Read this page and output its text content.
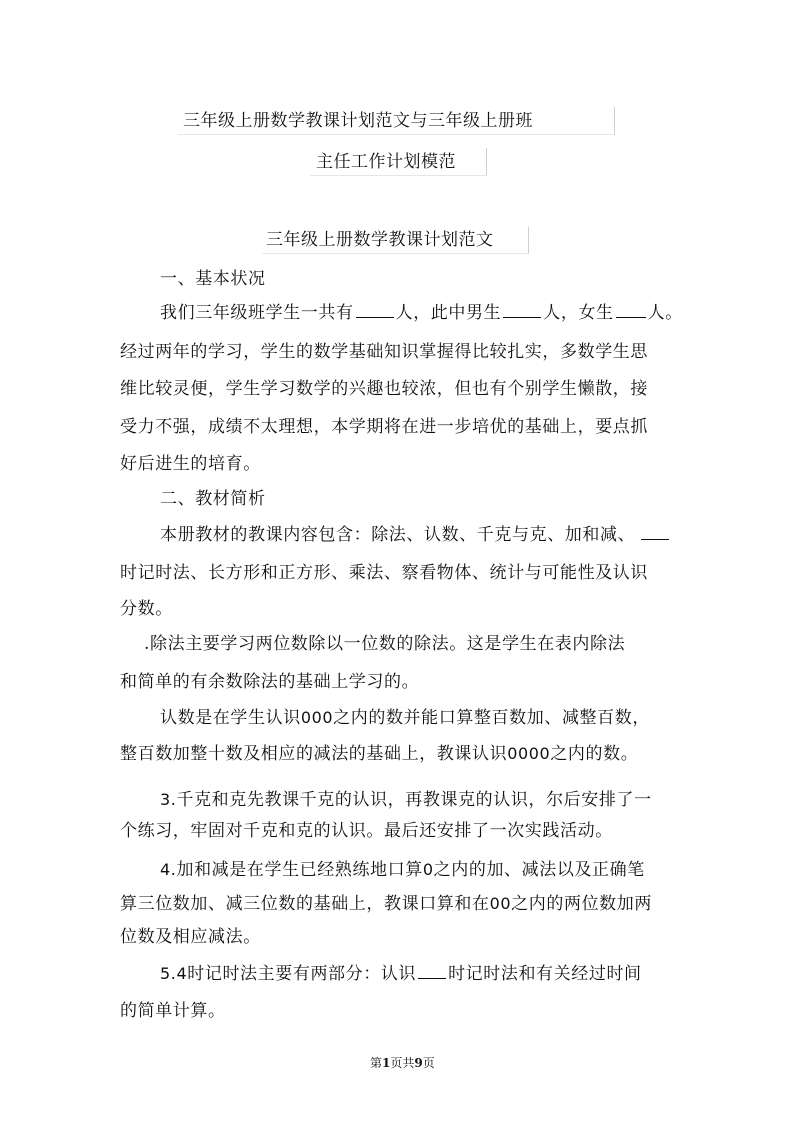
三年级上册数学教课计划范文与三年级上册班
主任工作计划模范
三年级上册数学教课计划范文
一、基本状况
我们三年级班学生一共有 人，此中男生 人，女生 人。
经过两年的学习，学生的数学基础知识掌握得比较扎实，多数学生思
维比较灵便，学生学习数学的兴趣也较浓，但也有个别学生懒散，接
受力不强，成绩不太理想，本学期将在进一步培优的基础上，要点抓
好后进生的培育。
二、教材简析
本册教材的教课内容包含：除法、认数、千克与克、加和减、
时记时法、长方形和正方形、乘法、察看物体、统计与可能性及认识
分数。
.除法主要学习两位数除以一位数的除法。这是学生在表内除法
和简单的有余数除法的基础上学习的。
认数是在学生认识000之内的数并能口算整百数加、减整百数，
整百数加整十数及相应的减法的基础上，教课认识0000之内的数。
3.千克和克先教课千克的认识，再教课克的认识，尔后安排了一
个练习，牢固对千克和克的认识。最后还安排了一次实践活动。
4.加和减是在学生已经熟练地口算0之内的加、减法以及正确笔
算三位数加、减三位数的基础上，教课口算和在00之内的两位数加两
位数及相应减法。
5.4时记时法主要有两部分：认识 时记时法和有关经过时间
的简单计算。
第1页共9页
